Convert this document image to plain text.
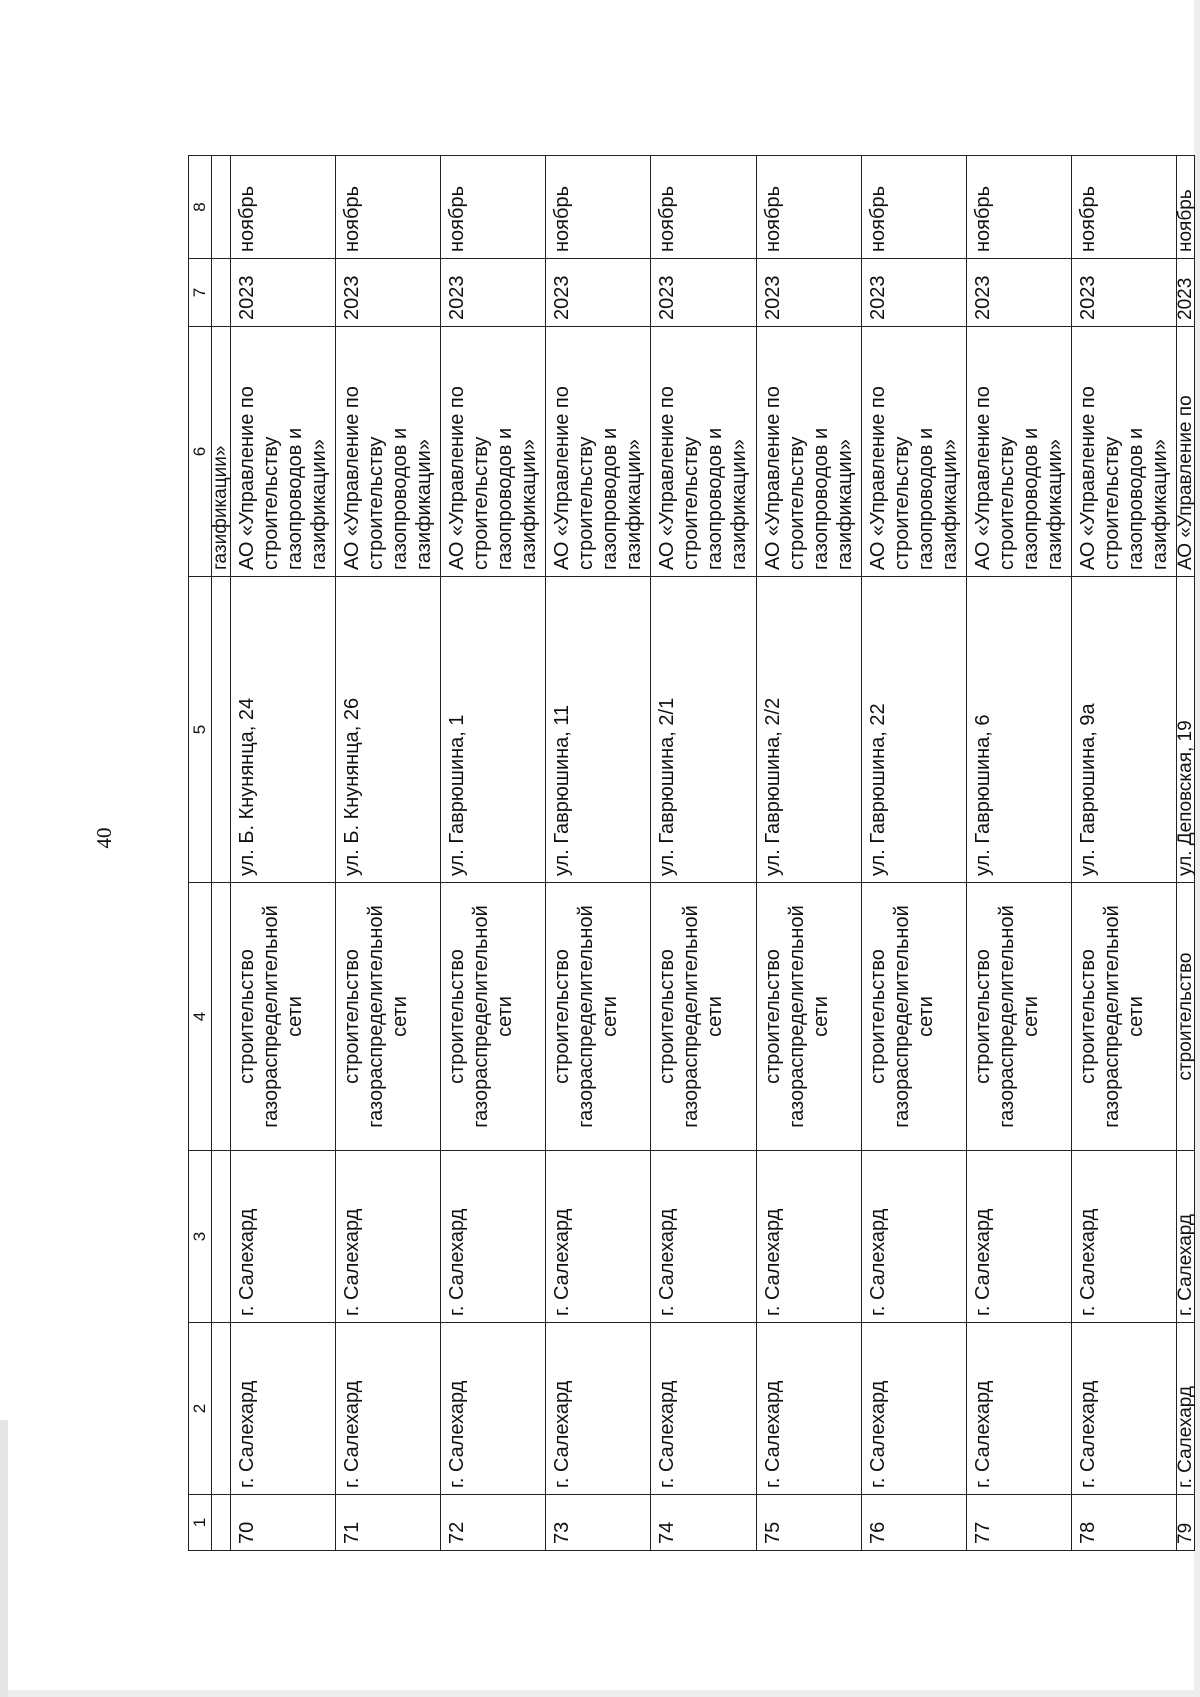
40
1	2	3	4	5	6	7	8
					газификации»		
70	г. Салехард	г. Салехард	строительство газораспределительной сети	ул. Б. Кнунянца, 24	АО «Управление по строительству газопроводов и газификации»	2023	ноябрь
71	г. Салехард	г. Салехард	строительство газораспределительной сети	ул. Б. Кнунянца, 26	АО «Управление по строительству газопроводов и газификации»	2023	ноябрь
72	г. Салехард	г. Салехард	строительство газораспределительной сети	ул. Гаврюшина, 1	АО «Управление по строительству газопроводов и газификации»	2023	ноябрь
73	г. Салехард	г. Салехард	строительство газораспределительной сети	ул. Гаврюшина, 11	АО «Управление по строительству газопроводов и газификации»	2023	ноябрь
74	г. Салехард	г. Салехард	строительство газораспределительной сети	ул. Гаврюшина, 2/1	АО «Управление по строительству газопроводов и газификации»	2023	ноябрь
75	г. Салехард	г. Салехард	строительство газораспределительной сети	ул. Гаврюшина, 2/2	АО «Управление по строительству газопроводов и газификации»	2023	ноябрь
76	г. Салехард	г. Салехард	строительство газораспределительной сети	ул. Гаврюшина, 22	АО «Управление по строительству газопроводов и газификации»	2023	ноябрь
77	г. Салехард	г. Салехард	строительство газораспределительной сети	ул. Гаврюшина, 6	АО «Управление по строительству газопроводов и газификации»	2023	ноябрь
78	г. Салехард	г. Салехард	строительство газораспределительной сети	ул. Гаврюшина, 9а	АО «Управление по строительству газопроводов и газификации»	2023	ноябрь
79	г. Салехард	г. Салехард	строительство	ул. Деповская, 19	АО «Управление по	2023	ноябрь
